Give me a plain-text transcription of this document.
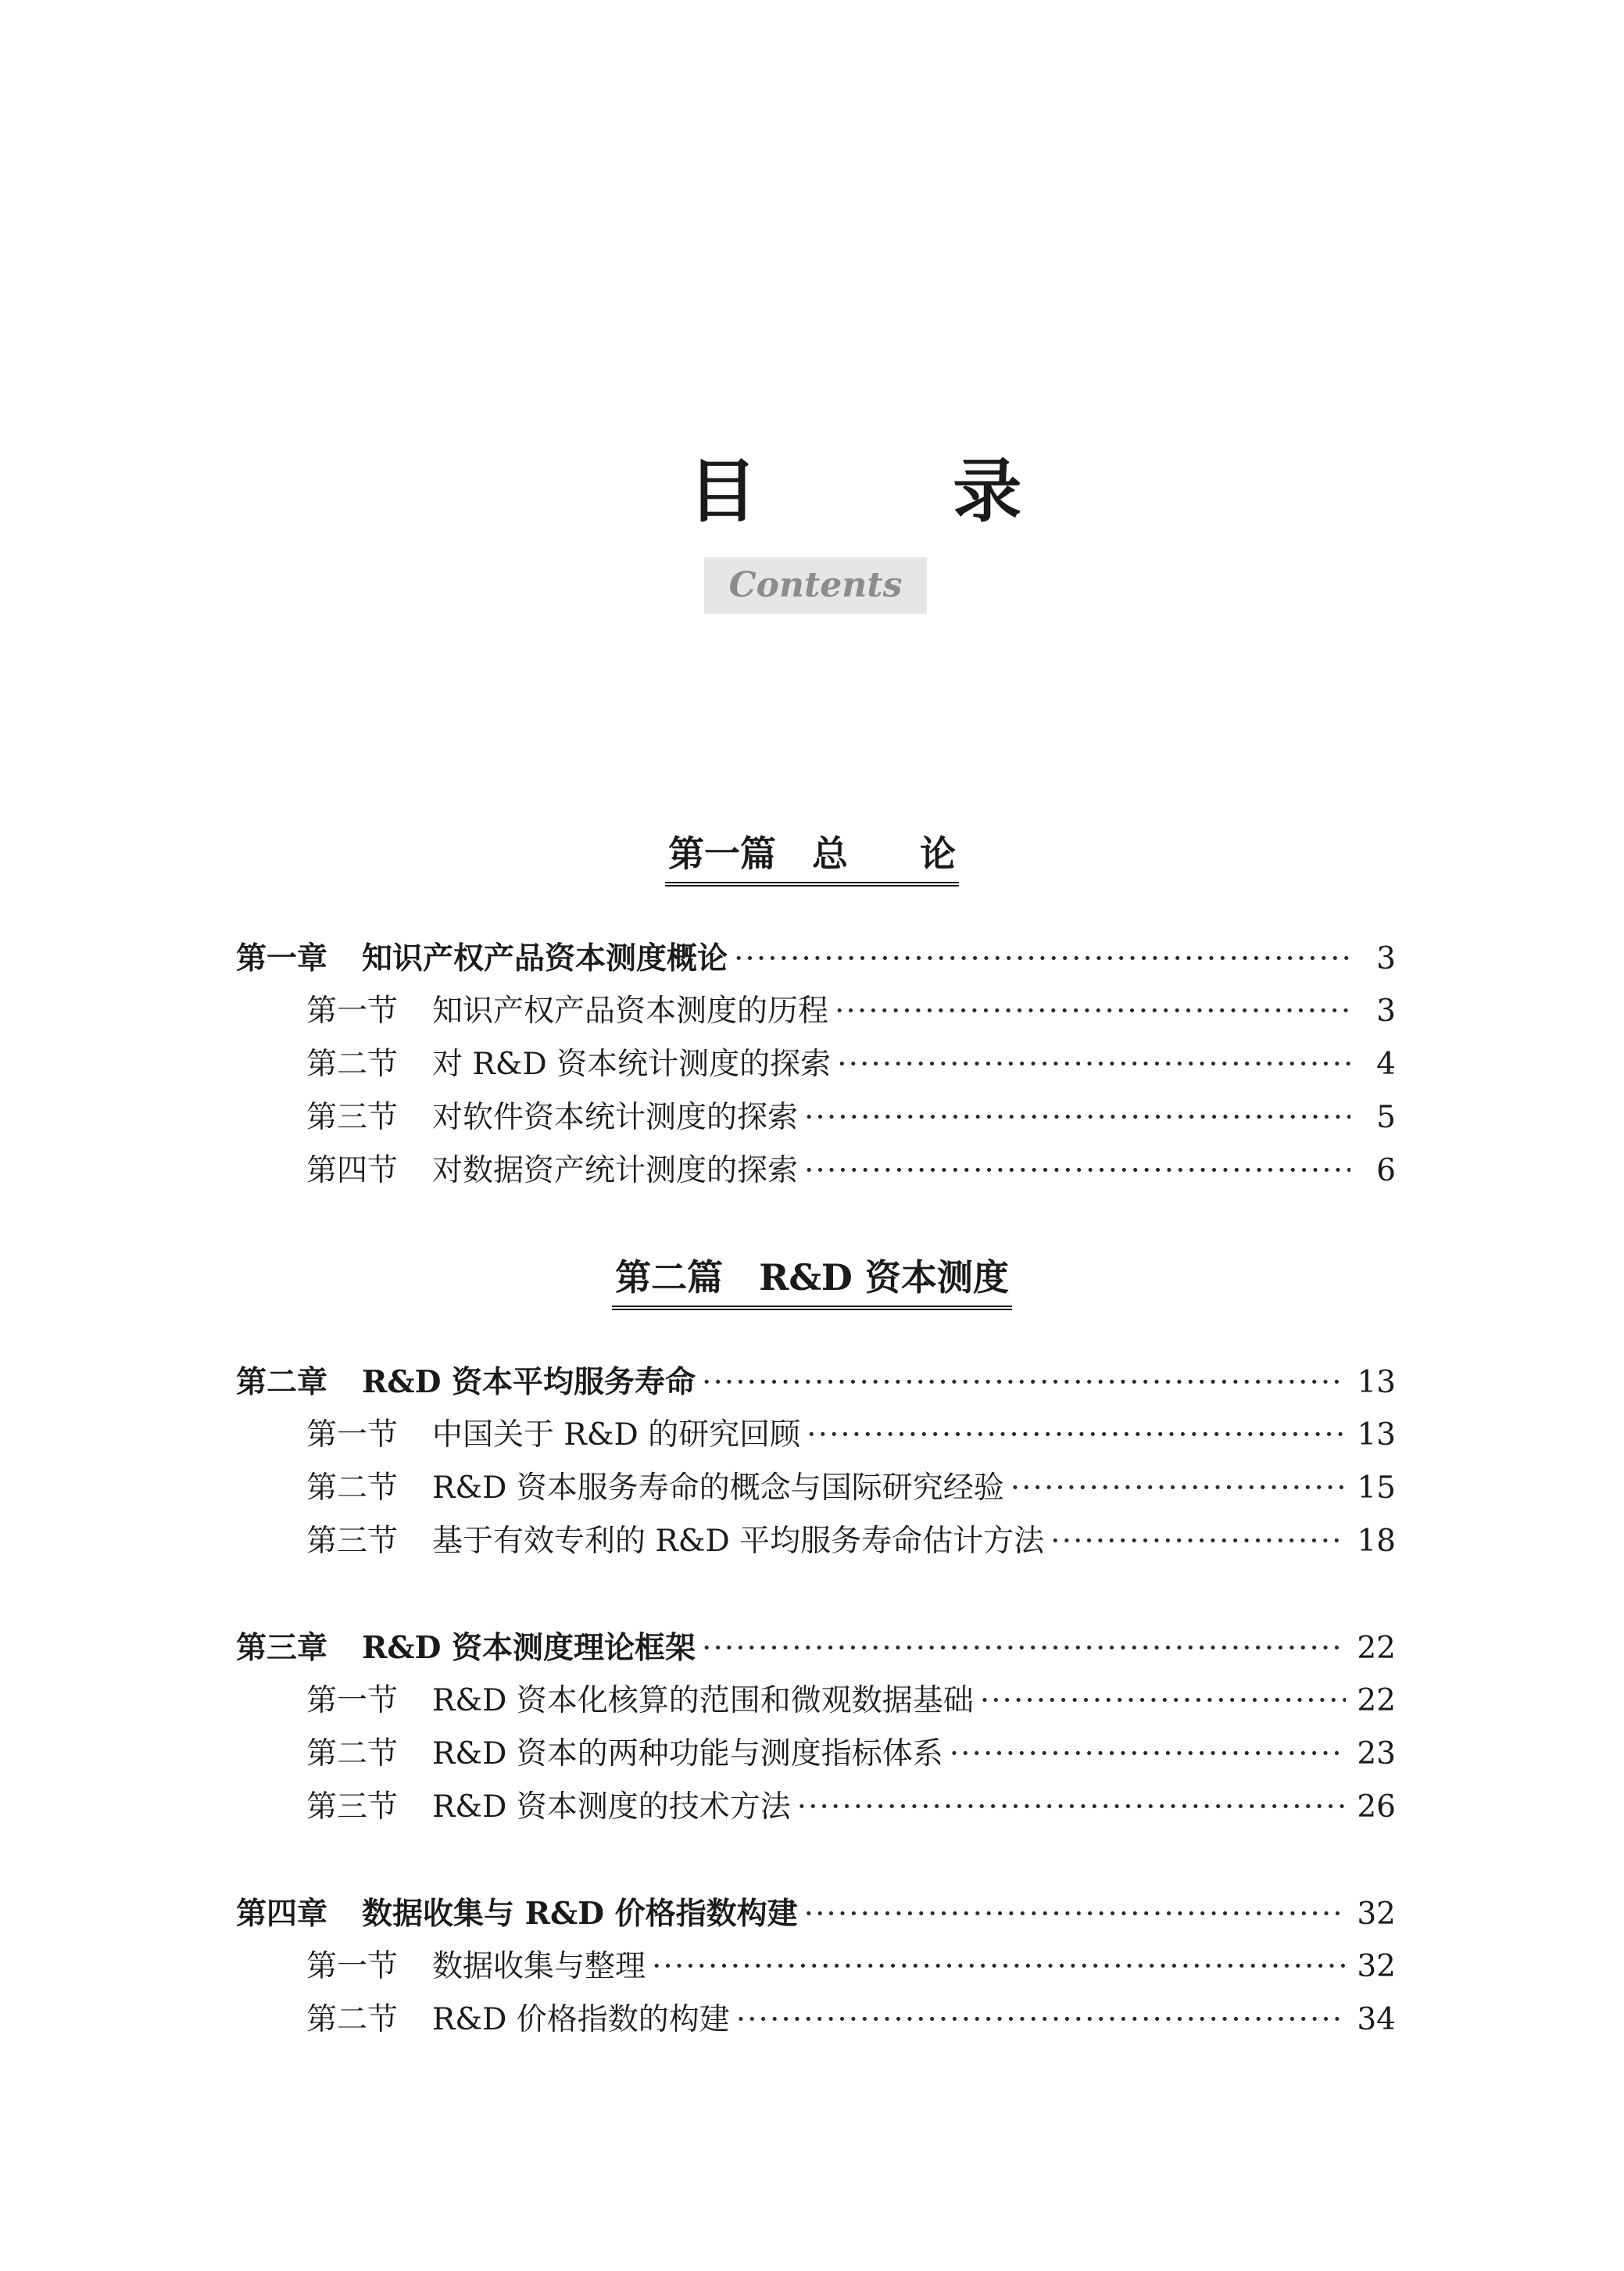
目 录
Contents
第一篇　总　　论
第一章 知识产权产品资本测度概论 ·····	3
第一节 知识产权产品资本测度的历程 ·····	3
第二节 对 R&D 资本统计测度的探索 ·····	4
第三节 对软件资本统计测度的探索 ·····	5
第四节 对数据资产统计测度的探索 ·····	6
第二篇　R&D 资本测度
第二章 R&D 资本平均服务寿命 ·····	13
第一节 中国关于 R&D 的研究回顾 ·····	13
第二节 R&D 资本服务寿命的概念与国际研究经验 ·····	15
第三节 基于有效专利的 R&D 平均服务寿命估计方法 ·····	18
第三章 R&D 资本测度理论框架 ·····	22
第一节 R&D 资本化核算的范围和微观数据基础 ·····	22
第二节 R&D 资本的两种功能与测度指标体系 ·····	23
第三节 R&D 资本测度的技术方法 ·····	26
第四章 数据收集与 R&D 价格指数构建 ·····	32
第一节 数据收集与整理 ·····	32
第二节 R&D 价格指数的构建 ·····	34
